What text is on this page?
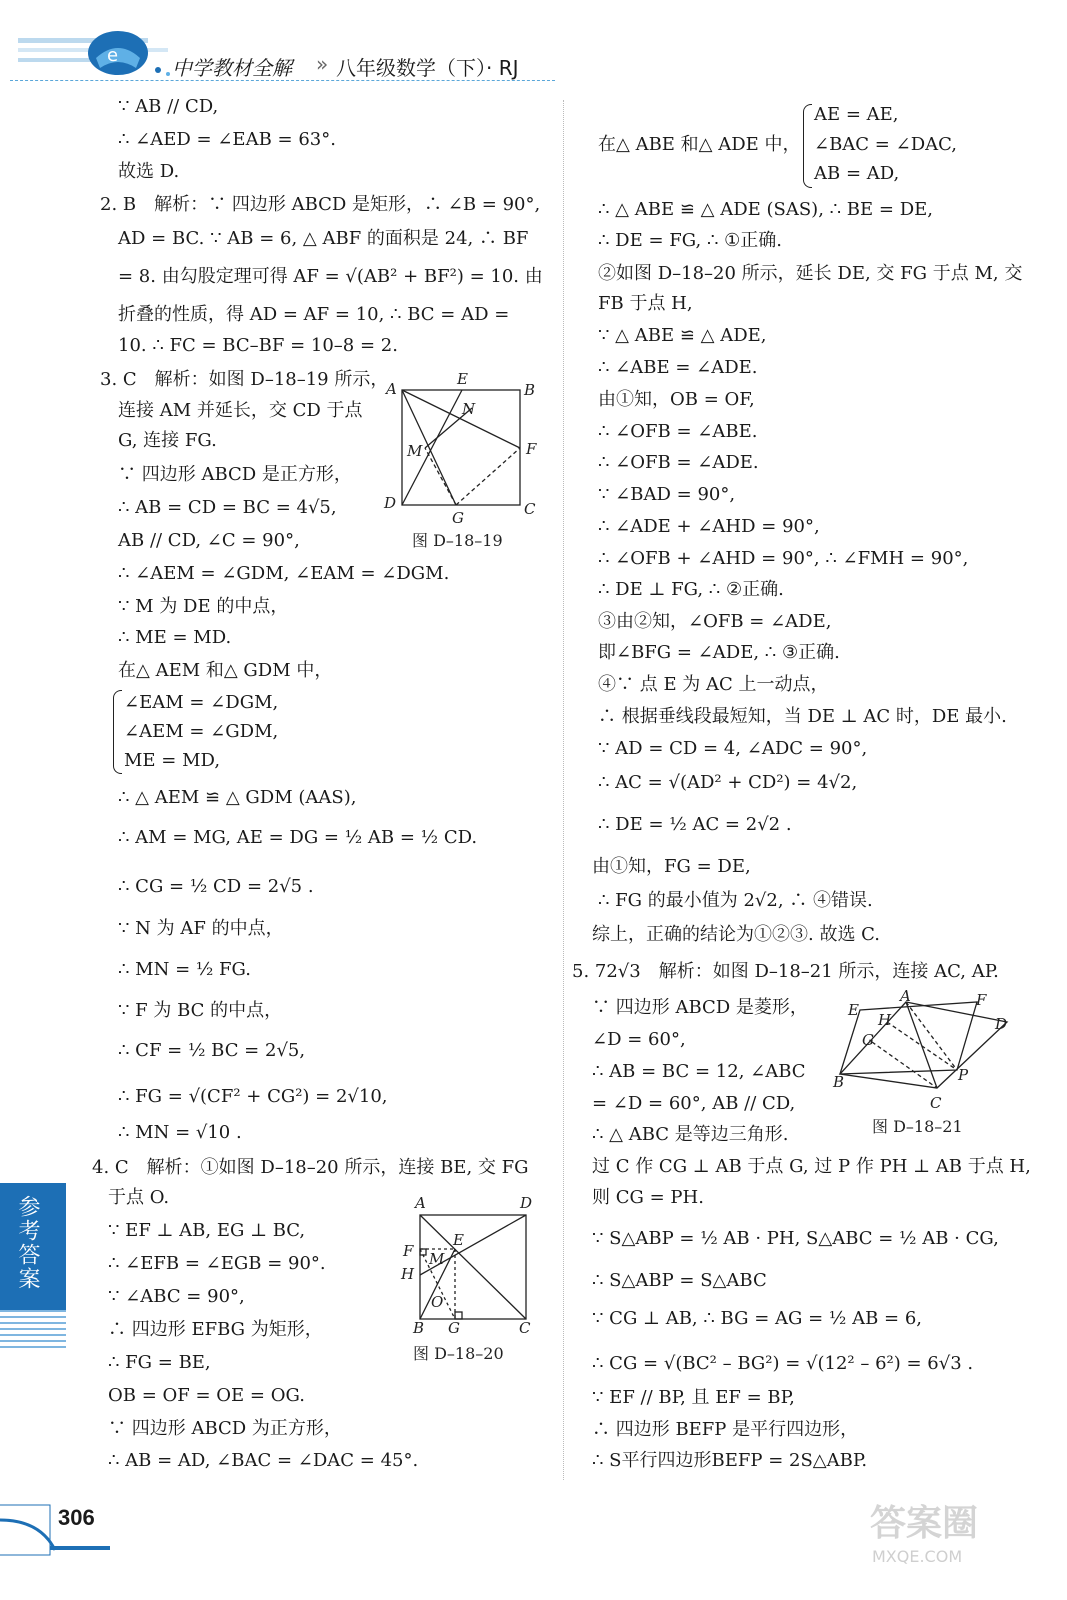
e
中学教材全解 » 八年级数学（下）· RJ
∵ AB // CD,
∴ ∠AED = ∠EAB = 63°.
故选 D.
2. B　解析：∵ 四边形 ABCD 是矩形，∴ ∠B = 90°,
AD = BC. ∵ AB = 6, △ ABF 的面积是 24, ∴ BF
= 8. 由勾股定理可得 AF = √(AB² + BF²) = 10. 由
折叠的性质，得 AD = AF = 10, ∴ BC = AD =
10. ∴ FC = BC–BF = 10–8 = 2.
3. C　解析：如图 D–18–19 所示，
连接 AM 并延长，交 CD 于点
G, 连接 FG.
∵ 四边形 ABCD 是正方形，
∴ AB = CD = BC = 4√5,
AB // CD, ∠C = 90°,
∴ ∠AEM = ∠GDM, ∠EAM = ∠DGM.
∵ M 为 DE 的中点，
∴ ME = MD.
在△ AEM 和△ GDM 中，
∠EAM = ∠DGM,
∠AEM = ∠GDM,
ME = MD,
∴ △ AEM ≌ △ GDM (AAS),
∴ AM = MG, AE = DG = ½ AB = ½ CD.
∴ CG = ½ CD = 2√5 .
∵ N 为 AF 的中点，
∴ MN = ½ FG.
∵ F 为 BC 的中点，
∴ CF = ½ BC = 2√5,
∴ FG = √(CF² + CG²) = 2√10,
∴ MN = √10 .
4. C　解析：①如图 D–18–20 所示，连接 BE, 交 FG
于点 O.
∵ EF ⊥ AB, EG ⊥ BC,
∴ ∠EFB = ∠EGB = 90°.
∵ ∠ABC = 90°,
∴ 四边形 EFBG 为矩形，
∴ FG = BE,
OB = OF = OE = OG.
∵ 四边形 ABCD 为正方形，
∴ AB = AD, ∠BAC = ∠DAC = 45°.
A
E
B
N
M	F
D	C
G
图 D–18–19
A	D
E
F M
H
O
B G	C
图 D–18–20
AE = AE,
在△ ABE 和△ ADE 中， ∠BAC = ∠DAC,
AB = AD,
∴ △ ABE ≌ △ ADE (SAS), ∴ BE = DE,
∴ DE = FG, ∴ ①正确.
②如图 D–18–20 所示，延长 DE, 交 FG 于点 M, 交
FB 于点 H,
∵ △ ABE ≌ △ ADE,
∴ ∠ABE = ∠ADE.
由①知，OB = OF,
∴ ∠OFB = ∠ABE.
∴ ∠OFB = ∠ADE.
∵ ∠BAD = 90°,
∴ ∠ADE + ∠AHD = 90°,
∴ ∠OFB + ∠AHD = 90°, ∴ ∠FMH = 90°,
∴ DE ⊥ FG, ∴ ②正确.
③由②知，∠OFB = ∠ADE,
即∠BFG = ∠ADE, ∴ ③正确.
④∵ 点 E 为 AC 上一动点，
∴ 根据垂线段最短知，当 DE ⊥ AC 时，DE 最小.
∵ AD = CD = 4, ∠ADC = 90°,
∴ AC = √(AD² + CD²) = 4√2,
∴ DE = ½ AC = 2√2 .
由①知，FG = DE,
∴ FG 的最小值为 2√2, ∴ ④错误.
综上，正确的结论为①②③. 故选 C.
5. 72√3　解析：如图 D–18–21 所示，连接 AC, AP.
∵ 四边形 ABCD 是菱形，
∠D = 60°,
∴ AB = BC = 12, ∠ABC
= ∠D = 60°, AB // CD,
∴ △ ABC 是等边三角形.
过 C 作 CG ⊥ AB 于点 G, 过 P 作 PH ⊥ AB 于点 H,
则 CG = PH.
∵ S△ABP = ½ AB · PH, S△ABC = ½ AB · CG,
∴ S△ABP = S△ABC
∵ CG ⊥ AB, ∴ BG = AG = ½ AB = 6,
∴ CG = √(BC² – BG²) = √(12² – 6²) = 6√3 .
∵ EF // BP, 且 EF = BP,
∴ 四边形 BEFP 是平行四边形，
∴ S平行四边形BEFP = 2S△ABP.
A	F
E
H	D
G
P
B
C
图 D–18–21
参考答案
306	答案圈
MXQE.COM
